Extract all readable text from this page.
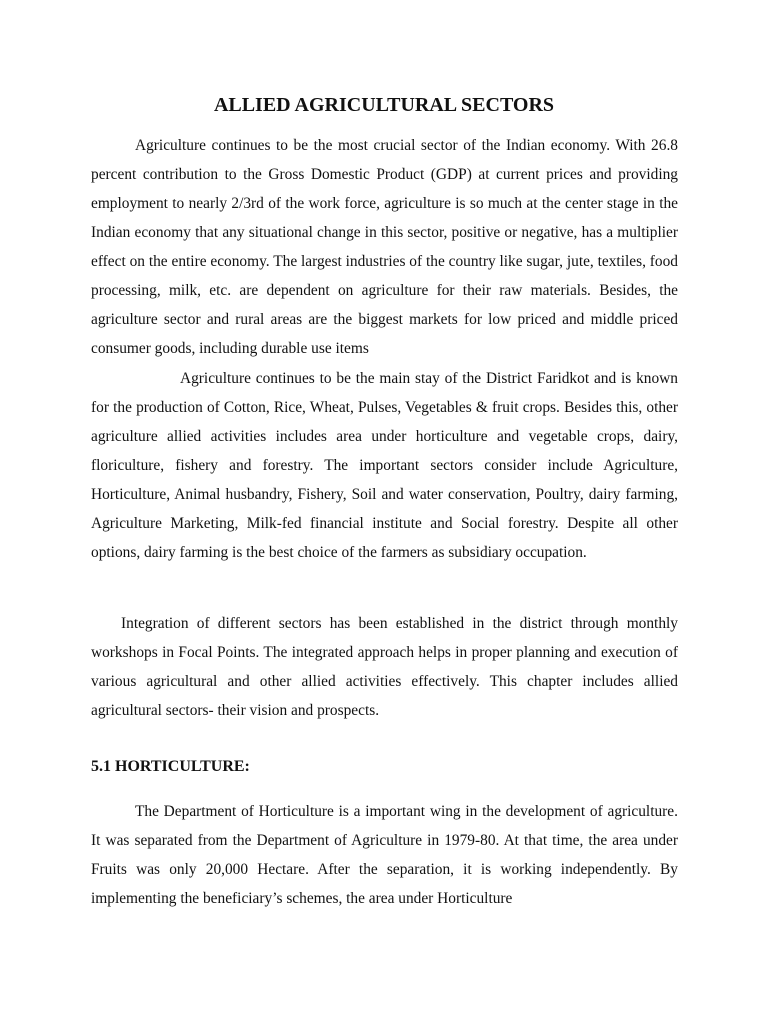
ALLIED AGRICULTURAL SECTORS

Agriculture continues to be the most crucial sector of the Indian economy. With 26.8 percent contribution to the Gross Domestic Product (GDP) at current prices and providing employment to nearly 2/3rd of the work force, agriculture is so much at the center stage in the Indian economy that any situational change in this sector, positive or negative, has a multiplier effect on the entire economy. The largest industries of the country like sugar, jute, textiles, food processing, milk, etc. are dependent on agriculture for their raw materials. Besides, the agriculture sector and rural areas are the biggest markets for low priced and middle priced consumer goods, including durable use items

Agriculture continues to be the main stay of the District Faridkot and is known for the production of Cotton, Rice, Wheat, Pulses, Vegetables & fruit crops. Besides this, other agriculture allied activities includes area under horticulture and vegetable crops, dairy, floriculture, fishery and forestry. The important sectors consider include Agriculture, Horticulture, Animal husbandry, Fishery, Soil and water conservation, Poultry, dairy farming, Agriculture Marketing, Milk-fed financial institute and Social forestry. Despite all other options, dairy farming is the best choice of the farmers as subsidiary occupation.

Integration of different sectors has been established in the district through monthly workshops in Focal Points. The integrated approach helps in proper planning and execution of various agricultural and other allied activities effectively. This chapter includes allied agricultural sectors- their vision and prospects.

5.1 HORTICULTURE:

The Department of Horticulture is a important wing in the development of agriculture. It was separated from the Department of Agriculture in 1979-80. At that time, the area under Fruits was only 20,000 Hectare. After the separation, it is working independently. By implementing the beneficiary’s schemes, the area under Horticulture
